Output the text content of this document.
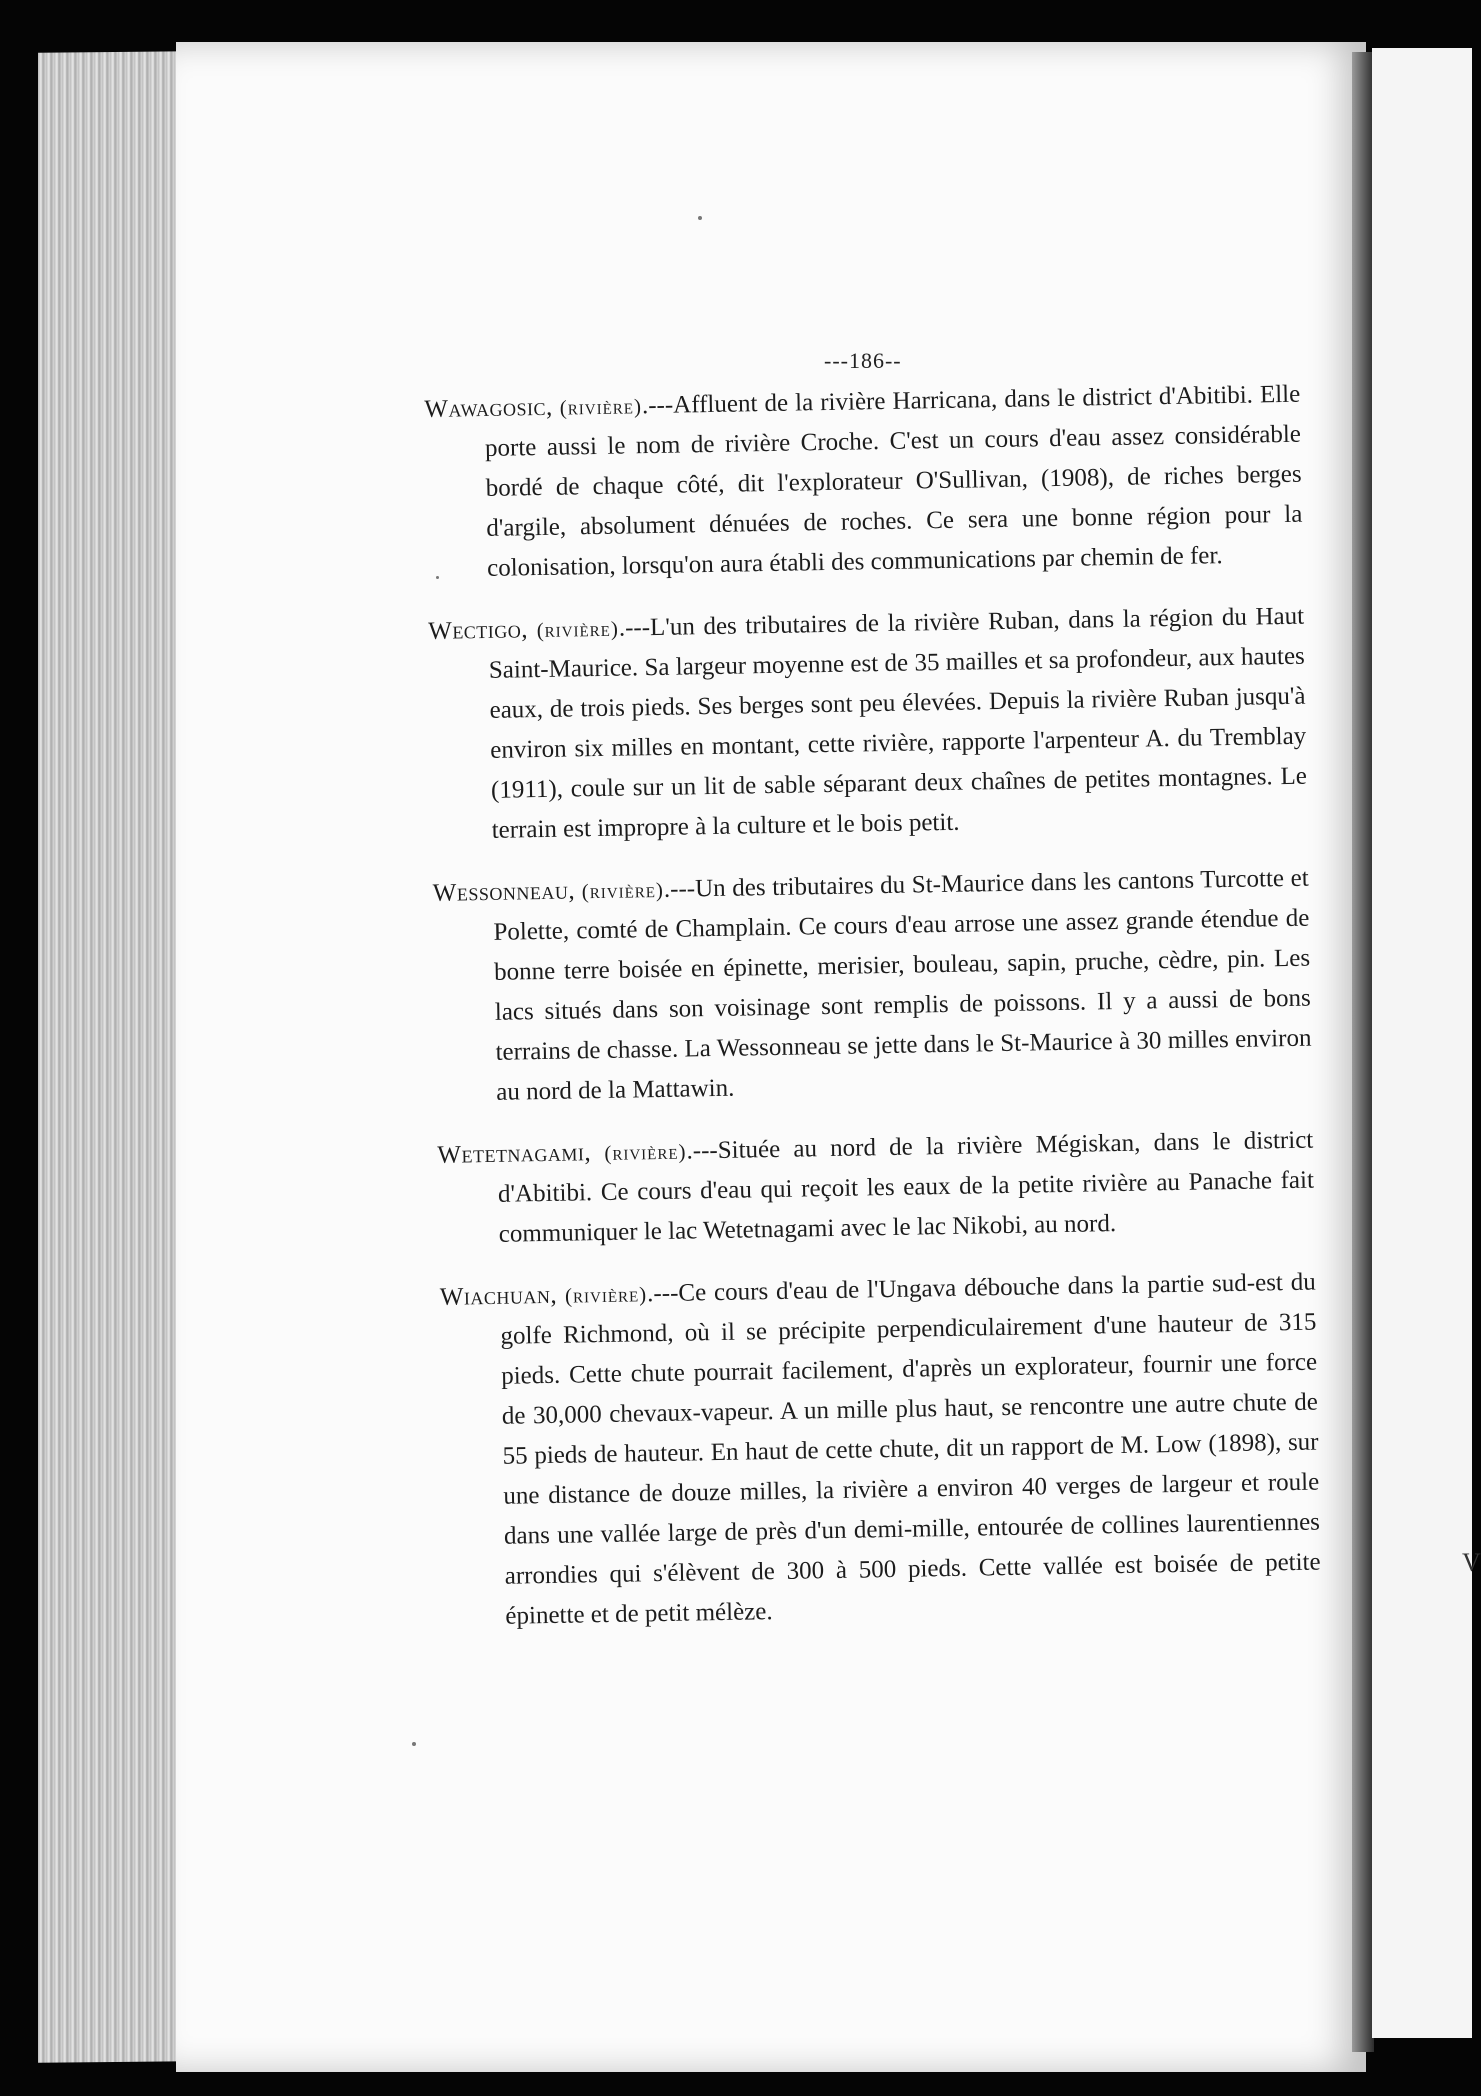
V
---186--

Wawagosic, (rivière).---Affluent de la rivière Harricana, dans le district d'Abitibi. Elle porte aussi le nom de rivière Croche. C'est un cours d'eau assez considérable bordé de chaque côté, dit l'explorateur O'Sullivan, (1908), de riches berges d'argile, absolument dénuées de roches. Ce sera une bonne région pour la colonisation, lorsqu'on aura établi des communications par chemin de fer.

Wectigo, (rivière).---L'un des tributaires de la rivière Ruban, dans la région du Haut Saint-Maurice. Sa largeur moyenne est de 35 mailles et sa profondeur, aux hautes eaux, de trois pieds. Ses berges sont peu élevées. Depuis la rivière Ruban jusqu'à environ six milles en montant, cette rivière, rapporte l'arpenteur A. du Tremblay (1911), coule sur un lit de sable séparant deux chaînes de petites montagnes. Le terrain est impropre à la culture et le bois petit.

Wessonneau, (rivière).---Un des tributaires du St-Maurice dans les cantons Turcotte et Polette, comté de Champlain. Ce cours d'eau arrose une assez grande étendue de bonne terre boisée en épinette, merisier, bouleau, sapin, pruche, cèdre, pin. Les lacs situés dans son voisinage sont remplis de poissons. Il y a aussi de bons terrains de chasse. La Wessonneau se jette dans le St-Maurice à 30 milles environ au nord de la Mattawin.

Wetetnagami, (rivière).---Située au nord de la rivière Mégiskan, dans le district d'Abitibi. Ce cours d'eau qui reçoit les eaux de la petite rivière au Panache fait communiquer le lac Wetetnagami avec le lac Nikobi, au nord.

Wiachuan, (rivière).---Ce cours d'eau de l'Ungava débouche dans la partie sud-est du golfe Richmond, où il se précipite perpendiculairement d'une hauteur de 315 pieds. Cette chute pourrait facilement, d'après un explorateur, fournir une force de 30,000 chevaux-vapeur. A un mille plus haut, se rencontre une autre chute de 55 pieds de hauteur. En haut de cette chute, dit un rapport de M. Low (1898), sur une distance de douze milles, la rivière a environ 40 verges de largeur et roule dans une vallée large de près d'un demi-mille, entourée de collines laurentiennes arrondies qui s'élèvent de 300 à 500 pieds. Cette vallée est boisée de petite épinette et de petit mélèze.
